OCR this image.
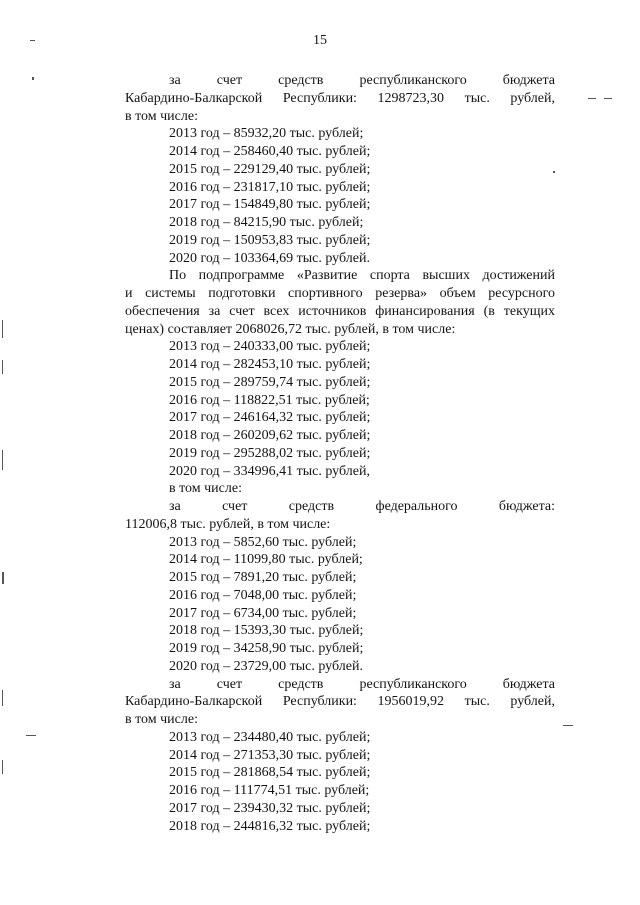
15
за счет средств республиканского бюджета
Кабардино-Балкарской Республики: 1298723,30 тыс. рублей,
в том числе:
2013 год – 85932,20 тыс. рублей;
2014 год – 258460,40 тыс. рублей;
2015 год – 229129,40 тыс. рублей;
2016 год – 231817,10 тыс. рублей;
2017 год – 154849,80 тыс. рублей;
2018 год – 84215,90 тыс. рублей;
2019 год – 150953,83 тыс. рублей;
2020 год – 103364,69 тыс. рублей.
По подпрограмме «Развитие спорта высших достижений
и системы подготовки спортивного резерва» объем ресурсного
обеспечения за счет всех источников финансирования (в текущих
ценах) составляет 2068026,72 тыс. рублей, в том числе:
2013 год – 240333,00 тыс. рублей;
2014 год – 282453,10 тыс. рублей;
2015 год – 289759,74 тыс. рублей;
2016 год – 118822,51 тыс. рублей;
2017 год – 246164,32 тыс. рублей;
2018 год – 260209,62 тыс. рублей;
2019 год – 295288,02 тыс. рублей;
2020 год – 334996,41 тыс. рублей,
в том числе:
за счет средств федерального бюджета:
112006,8 тыс. рублей, в том числе:
2013 год – 5852,60 тыс. рублей;
2014 год – 11099,80 тыс. рублей;
2015 год – 7891,20 тыс. рублей;
2016 год – 7048,00 тыс. рублей;
2017 год – 6734,00 тыс. рублей;
2018 год – 15393,30 тыс. рублей;
2019 год – 34258,90 тыс. рублей;
2020 год – 23729,00 тыс. рублей.
за счет средств республиканского бюджета
Кабардино-Балкарской Республики: 1956019,92 тыс. рублей,
в том числе:
2013 год – 234480,40 тыс. рублей;
2014 год – 271353,30 тыс. рублей;
2015 год – 281868,54 тыс. рублей;
2016 год – 111774,51 тыс. рублей;
2017 год – 239430,32 тыс. рублей;
2018 год – 244816,32 тыс. рублей;
